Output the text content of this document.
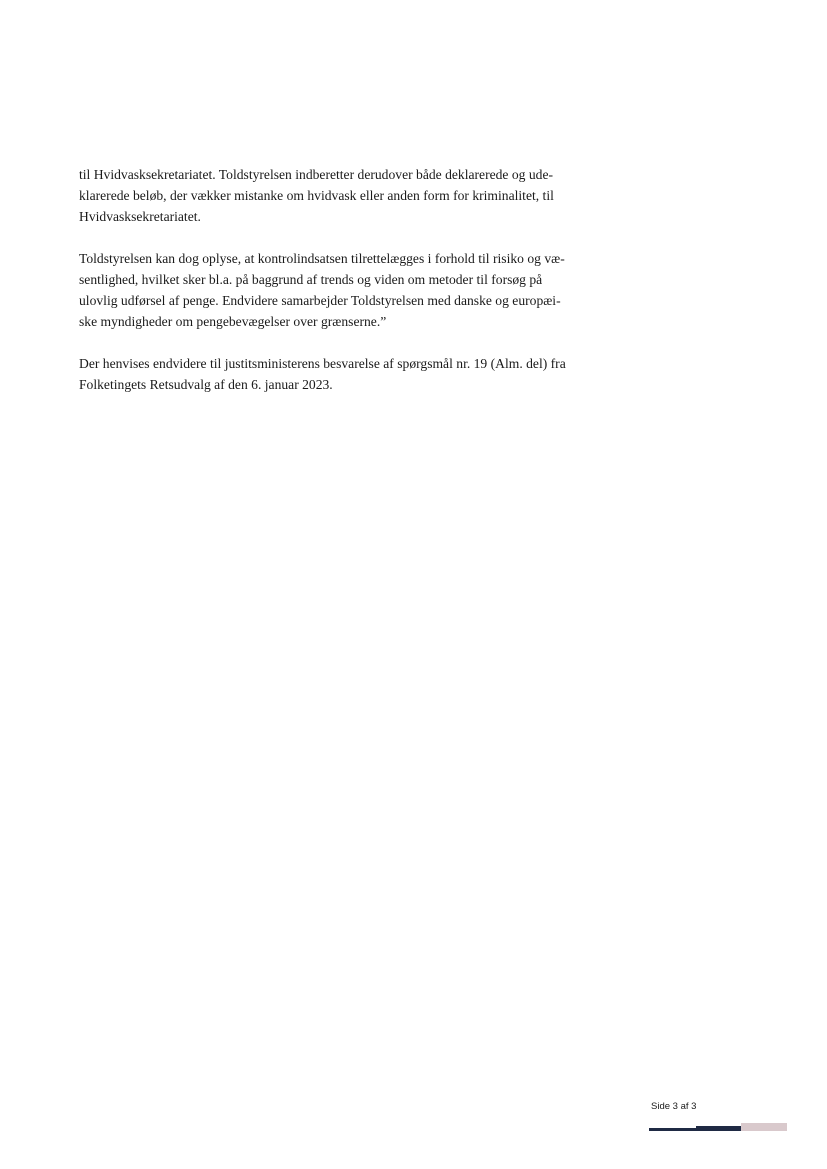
til Hvidvasksekretariatet. Toldstyrelsen indberetter derudover både deklarerede og ude-
klarerede beløb, der vækker mistanke om hvidvask eller anden form for kriminalitet, til
Hvidvasksekretariatet.

Toldstyrelsen kan dog oplyse, at kontrolindsatsen tilrettelægges i forhold til risiko og væ-
sentlighed, hvilket sker bl.a. på baggrund af trends og viden om metoder til forsøg på
ulovlig udførsel af penge. Endvidere samarbejder Toldstyrelsen med danske og europæi-
ske myndigheder om pengebevægelser over grænserne.”

Der henvises endvidere til justitsministerens besvarelse af spørgsmål nr. 19 (Alm. del) fra
Folketingets Retsudvalg af den 6. januar 2023.

Side 3 af 3
